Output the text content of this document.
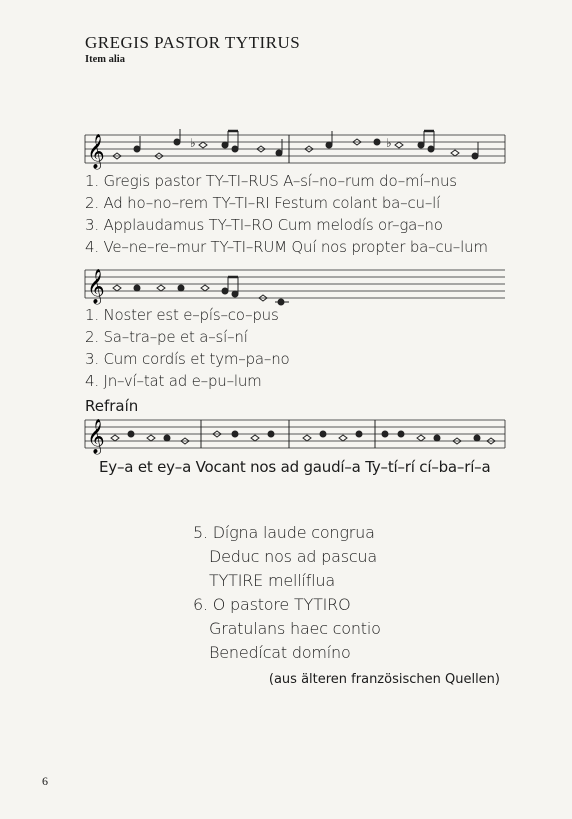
GREGIS PASTOR TYTIRUS
Item alia
𝄞	♭	♭
1. Gregis pastor TY–TI–RUS A–sí–no–rum do–mí–nus
2. Ad ho–no–rem TY–TI–RI Festum colant ba–cu–lí
3. Applaudamus TY–TI–RO Cum melodís or–ga–no
4. Ve–ne–re–mur TY–TI–RUM Quí nos propter ba–cu–lum
𝄞
1. Noster est e–pís–co–pus
2. Sa–tra–pe et a–sí–ní
3. Cum cordís et tym–pa–no
4. Jn–ví–tat ad e–pu–lum
Refraín
𝄞
Ey–a et ey–a Vocant nos ad gaudí–a Ty–tí–rí cí–ba–rí–a
5. Dígna laude congrua
Deduc nos ad pascua
TYTIRE mellíflua
6. O pastore TYTIRO
Gratulans haec contio
Benedícat domíno
(aus älteren französischen Quellen)
6
